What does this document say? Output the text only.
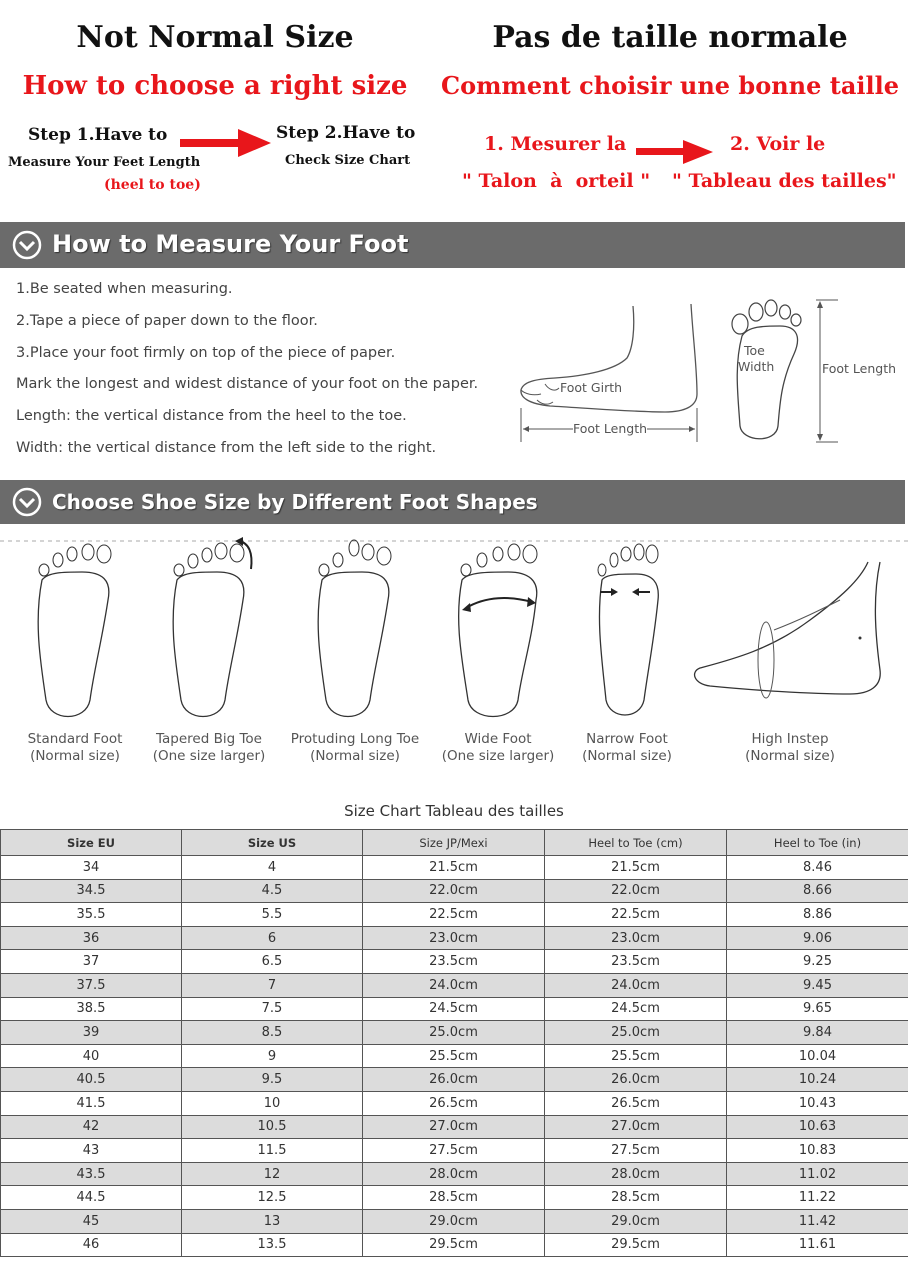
Not Normal Size	Pas de taille normale
How to choose a right size	Comment choisir une bonne taille
Step 1.Have to
Measure Your Feet Length
(heel to toe)
Step 2.Have to
Check Size Chart
1. Mesurer la	2. Voir le
" Talon  à  orteil " " Tableau des tailles"
How to Measure Your Foot
1.Be seated when measuring.
2.Tape a piece of paper down to the floor.
3.Place your foot firmly on top of the piece of paper.
Mark the longest and widest distance of your foot on the paper.
Length: the vertical distance from the heel to the toe.
Width: the vertical distance from the left side to the right.
Foot Girth
Foot Length
Toe
Width	Foot Length
Choose Shoe Size by Different Foot Shapes
Standard Foot
(Normal size)
Tapered Big Toe
(One size larger)
Protuding Long Toe
(Normal size)
Wide Foot
(One size larger)
Narrow Foot
(Normal size)
High Instep
(Normal size)
Size Chart Tableau des tailles
Size EU	Size US	Size JP/Mexi	Heel to Toe (cm)	Heel to Toe (in)
34	4	21.5cm	21.5cm	8.46
34.5	4.5	22.0cm	22.0cm	8.66
35.5	5.5	22.5cm	22.5cm	8.86
36	6	23.0cm	23.0cm	9.06
37	6.5	23.5cm	23.5cm	9.25
37.5	7	24.0cm	24.0cm	9.45
38.5	7.5	24.5cm	24.5cm	9.65
39	8.5	25.0cm	25.0cm	9.84
40	9	25.5cm	25.5cm	10.04
40.5	9.5	26.0cm	26.0cm	10.24
41.5	10	26.5cm	26.5cm	10.43
42	10.5	27.0cm	27.0cm	10.63
43	11.5	27.5cm	27.5cm	10.83
43.5	12	28.0cm	28.0cm	11.02
44.5	12.5	28.5cm	28.5cm	11.22
45	13	29.0cm	29.0cm	11.42
46	13.5	29.5cm	29.5cm	11.61
